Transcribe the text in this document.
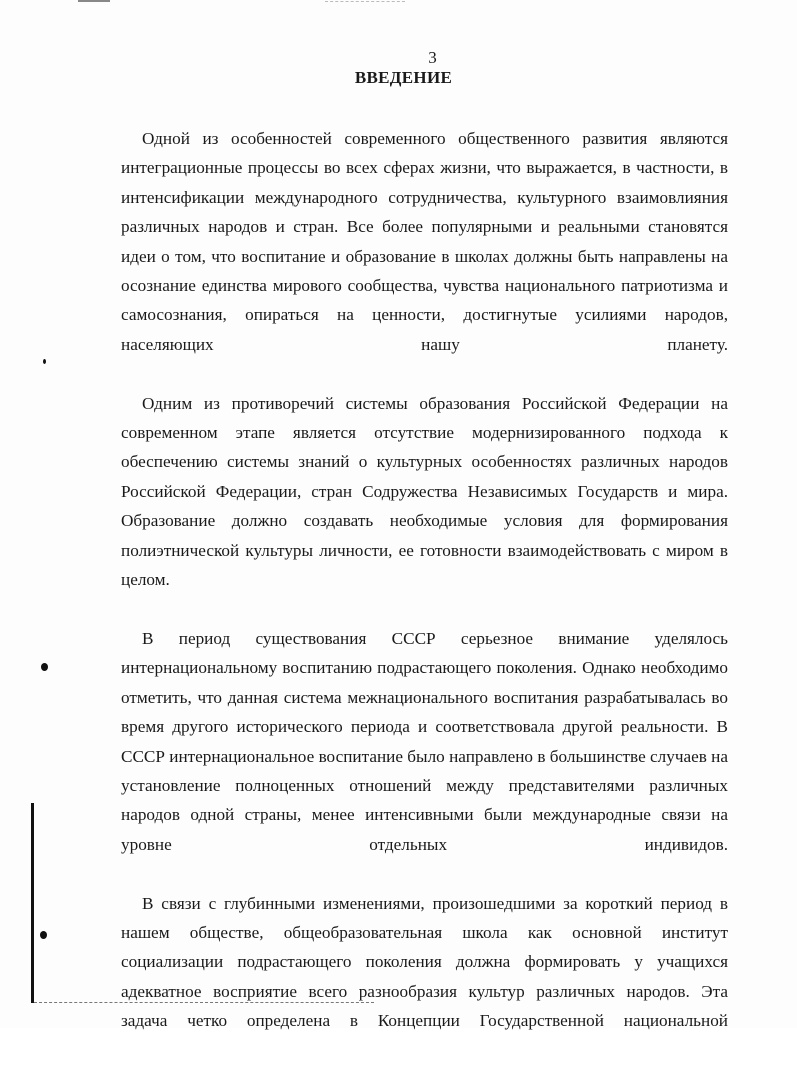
3
ВВЕДЕНИЕ

Одной из особенностей современного общественного развития являются интеграционные процессы во всех сферах жизни, что выражается, в частности, в интенсификации международного сотрудничества, культурного взаимовлияния различных народов и стран. Все более популярными и реальными становятся идеи о том, что воспитание и образование в школах должны быть направлены на осознание единства мирового сообщества, чувства национального патриотизма и самосознания, опираться на ценности, достигнутые усилиями народов, населяющих нашу планету.

Одним из противоречий системы образования Российской Федерации на современном этапе является отсутствие модернизированного подхода к обеспечению системы знаний о культурных особенностях различных народов Российской Федерации, стран Содружества Независимых Государств и мира. Образование должно создавать необходимые условия для формирования полиэтнической культуры личности, ее готовности взаимодействовать с миром в целом.

В период существования СССР серьезное внимание уделялось интернациональному воспитанию подрастающего поколения. Однако необходимо отметить, что данная система межнационального воспитания разрабатывалась во время другого исторического периода и соответствовала другой реальности. В СССР интернациональное воспитание было направлено в большинстве случаев на установление полноценных отношений между представителями различных народов одной страны, менее интенсивными были международные связи на уровне отдельных индивидов.

В связи с глубинными изменениями, произошедшими за короткий период в нашем обществе, общеобразовательная школа как основной институт социализации подрастающего поколения должна формировать у учащихся адекватное восприятие всего разнообразия культур различных народов. Эта задача четко определена в Концепции Государственной национальной
